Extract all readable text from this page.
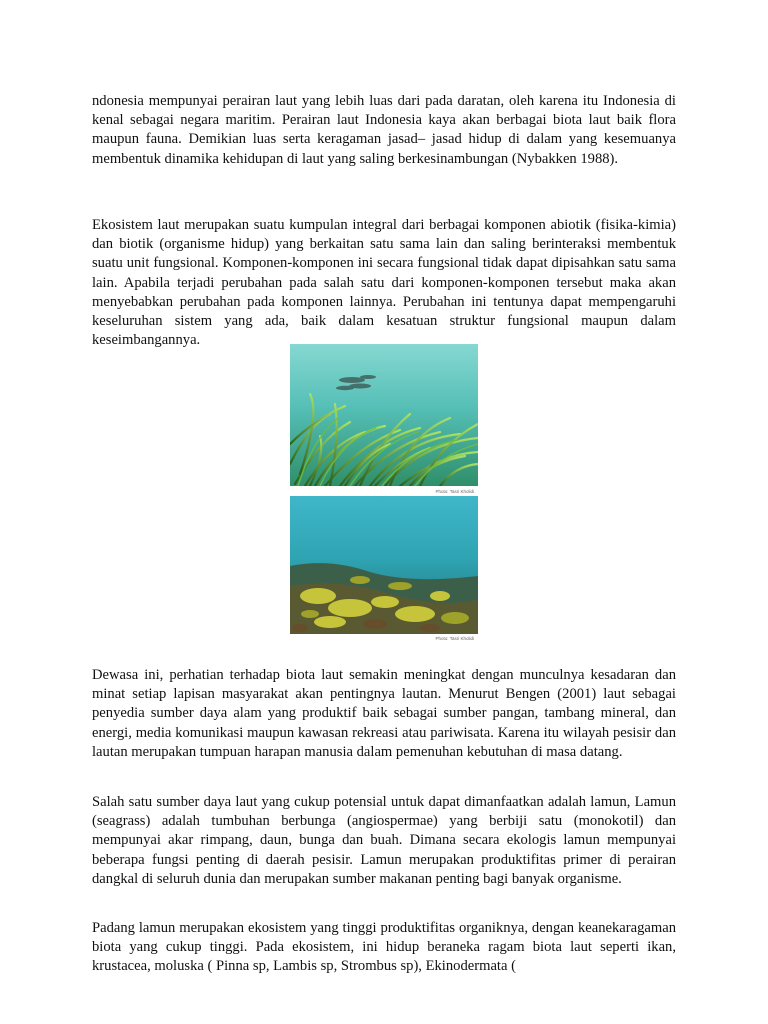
ndonesia mempunyai perairan laut yang lebih luas dari pada daratan, oleh karena itu Indonesia di kenal sebagai negara maritim. Perairan laut Indonesia kaya akan berbagai biota laut baik flora maupun fauna. Demikian luas serta keragaman jasad– jasad hidup di dalam yang kesemuanya membentuk dinamika kehidupan di laut yang saling berkesinambungan (Nybakken 1988).

Ekosistem laut merupakan suatu kumpulan integral dari berbagai komponen abiotik (fisika-kimia) dan biotik (organisme hidup) yang berkaitan satu sama lain dan saling berinteraksi membentuk suatu unit fungsional. Komponen-komponen ini secara fungsional tidak dapat dipisahkan satu sama lain. Apabila terjadi perubahan pada salah satu dari komponen-komponen tersebut maka akan menyebabkan perubahan pada komponen lainnya. Perubahan ini tentunya dapat mempengaruhi keseluruhan sistem yang ada, baik dalam kesatuan struktur fungsional maupun dalam keseimbangannya.

Dewasa ini, perhatian terhadap biota laut semakin meningkat dengan munculnya kesadaran dan minat setiap lapisan masyarakat akan pentingnya lautan. Menurut Bengen (2001) laut sebagai penyedia sumber daya alam yang produktif baik sebagai sumber pangan, tambang mineral, dan energi, media komunikasi maupun kawasan rekreasi atau pariwisata. Karena itu wilayah pesisir dan lautan merupakan tumpuan harapan manusia dalam pemenuhan kebutuhan di masa datang.

Salah satu sumber daya laut yang cukup potensial untuk dapat dimanfaatkan adalah lamun, Lamun (seagrass) adalah tumbuhan berbunga (angiospermae) yang berbiji satu (monokotil) dan mempunyai akar rimpang, daun, bunga dan buah. Dimana secara ekologis lamun mempunyai beberapa fungsi penting di daerah pesisir. Lamun merupakan produktifitas primer di perairan dangkal di seluruh dunia dan merupakan sumber makanan penting bagi banyak organisme.

Padang lamun merupakan ekosistem yang tinggi produktifitas organiknya, dengan keanekaragaman biota yang cukup tinggi. Pada ekosistem, ini hidup beraneka ragam biota laut seperti ikan, krustacea, moluska ( Pinna sp, Lambis sp, Strombus sp), Ekinodermata (

Photo: Tasri Kholidi
Photo: Tasri Kholidi
